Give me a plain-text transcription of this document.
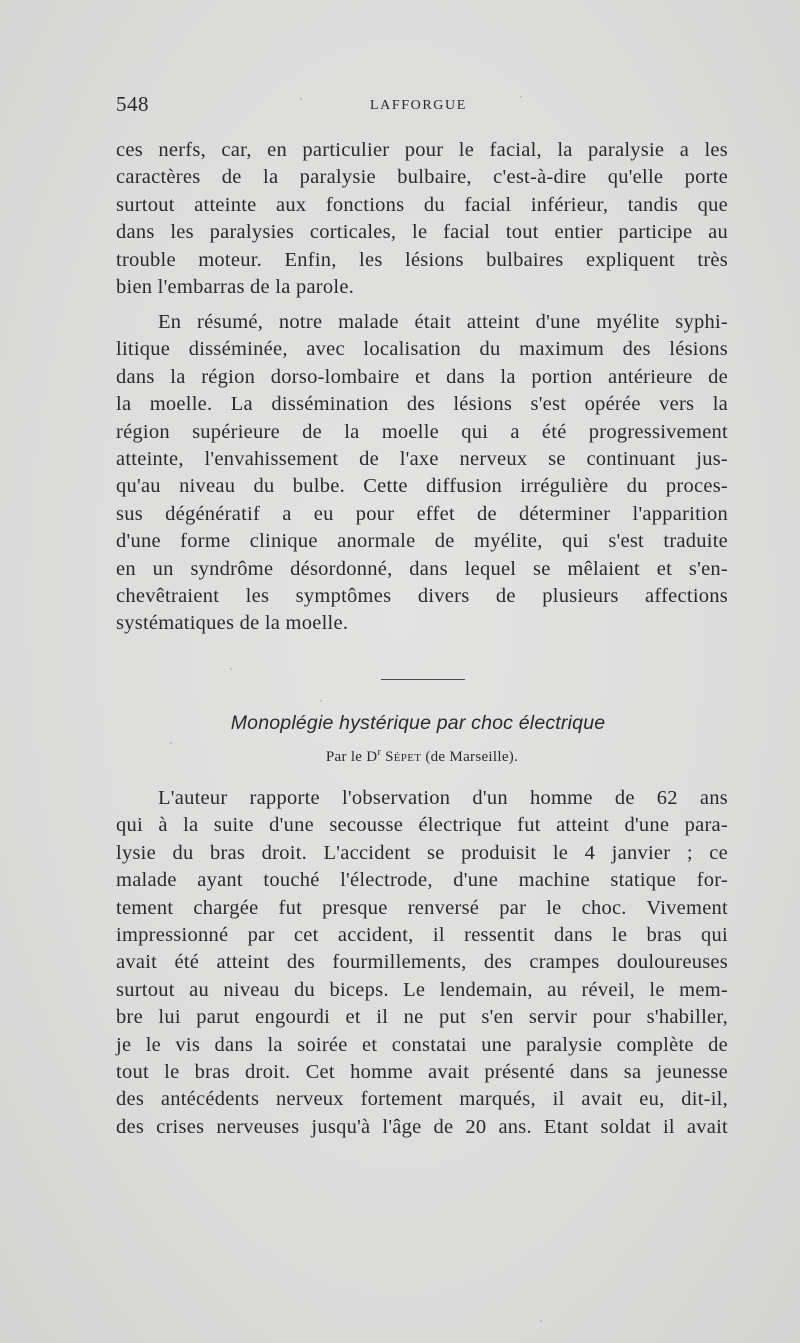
548	LAFFORGUE
ces nerfs, car, en particulier pour le facial, la paralysie a les
caractères de la paralysie bulbaire, c'est-à-dire qu'elle porte
surtout atteinte aux fonctions du facial inférieur, tandis que
dans les paralysies corticales, le facial tout entier participe au
trouble moteur. Enfin, les lésions bulbaires expliquent très
bien l'embarras de la parole.
En résumé, notre malade était atteint d'une myélite syphi-
litique disséminée, avec localisation du maximum des lésions
dans la région dorso-lombaire et dans la portion antérieure de
la moelle. La dissémination des lésions s'est opérée vers la
région supérieure de la moelle qui a été progressivement
atteinte, l'envahissement de l'axe nerveux se continuant jus-
qu'au niveau du bulbe. Cette diffusion irrégulière du proces-
sus dégénératif a eu pour effet de déterminer l'apparition
d'une forme clinique anormale de myélite, qui s'est traduite
en un syndrôme désordonné, dans lequel se mêlaient et s'en-
chevêtraient les symptômes divers de plusieurs affections
systématiques de la moelle.
Monoplégie hystérique par choc électrique
Par le $D^r$ Sépet (de Marseille).
L'auteur rapporte l'observation d'un homme de 62 ans
qui à la suite d'une secousse électrique fut atteint d'une para-
lysie du bras droit. L'accident se produisit le 4 janvier ; ce
malade ayant touché l'électrode, d'une machine statique for-
tement chargée fut presque renversé par le choc. Vivement
impressionné par cet accident, il ressentit dans le bras qui
avait été atteint des fourmillements, des crampes douloureuses
surtout au niveau du biceps. Le lendemain, au réveil, le mem-
bre lui parut engourdi et il ne put s'en servir pour s'habiller,
je le vis dans la soirée et constatai une paralysie complète de
tout le bras droit. Cet homme avait présenté dans sa jeunesse
des antécédents nerveux fortement marqués, il avait eu, dit-il,
des crises nerveuses jusqu'à l'âge de 20 ans. Etant soldat il avait
